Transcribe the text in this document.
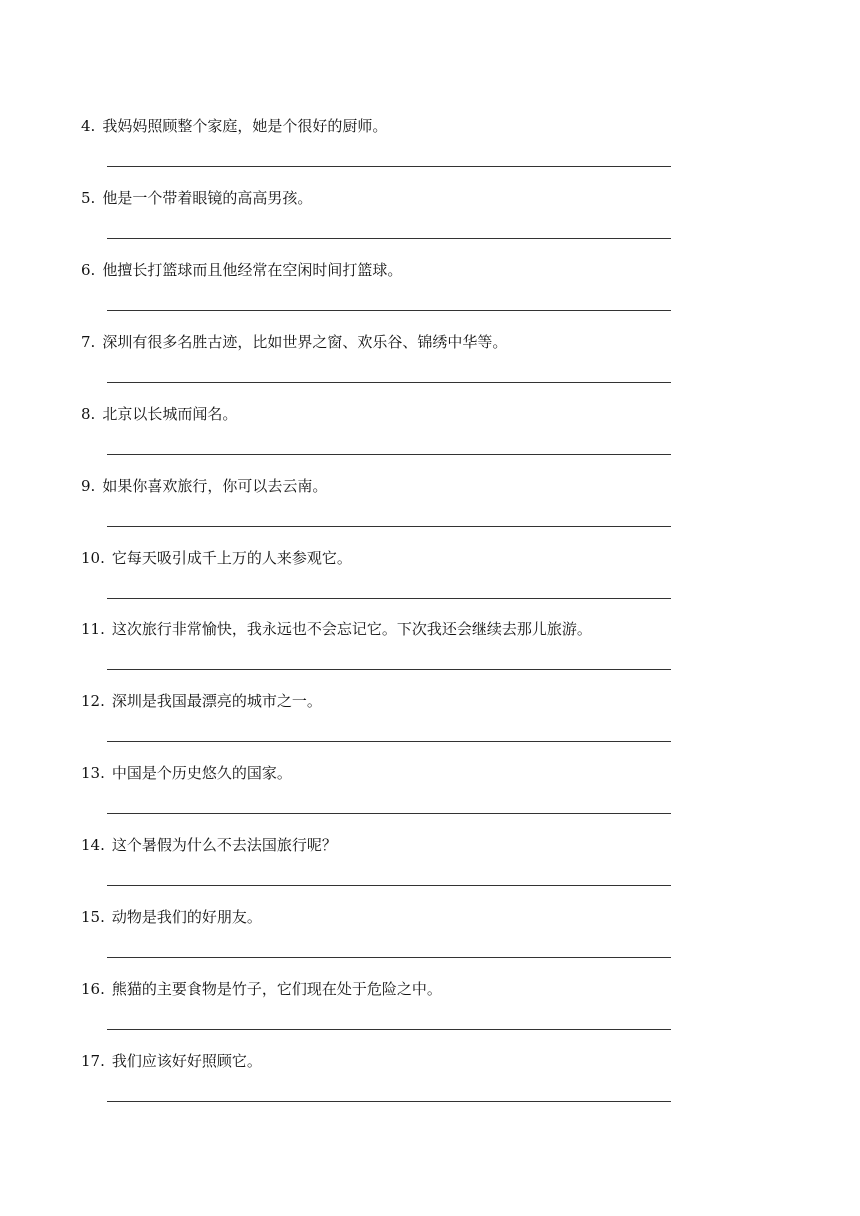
4. 我妈妈照顾整个家庭，她是个很好的厨师。
5. 他是一个带着眼镜的高高男孩。
6. 他擅长打篮球而且他经常在空闲时间打篮球。
7. 深圳有很多名胜古迹，比如世界之窗、欢乐谷、锦绣中华等。
8. 北京以长城而闻名。
9. 如果你喜欢旅行，你可以去云南。
10. 它每天吸引成千上万的人来参观它。
11. 这次旅行非常愉快，我永远也不会忘记它。下次我还会继续去那儿旅游。
12. 深圳是我国最漂亮的城市之一。
13. 中国是个历史悠久的国家。
14. 这个暑假为什么不去法国旅行呢？
15. 动物是我们的好朋友。
16. 熊猫的主要食物是竹子，它们现在处于危险之中。
17. 我们应该好好照顾它。
